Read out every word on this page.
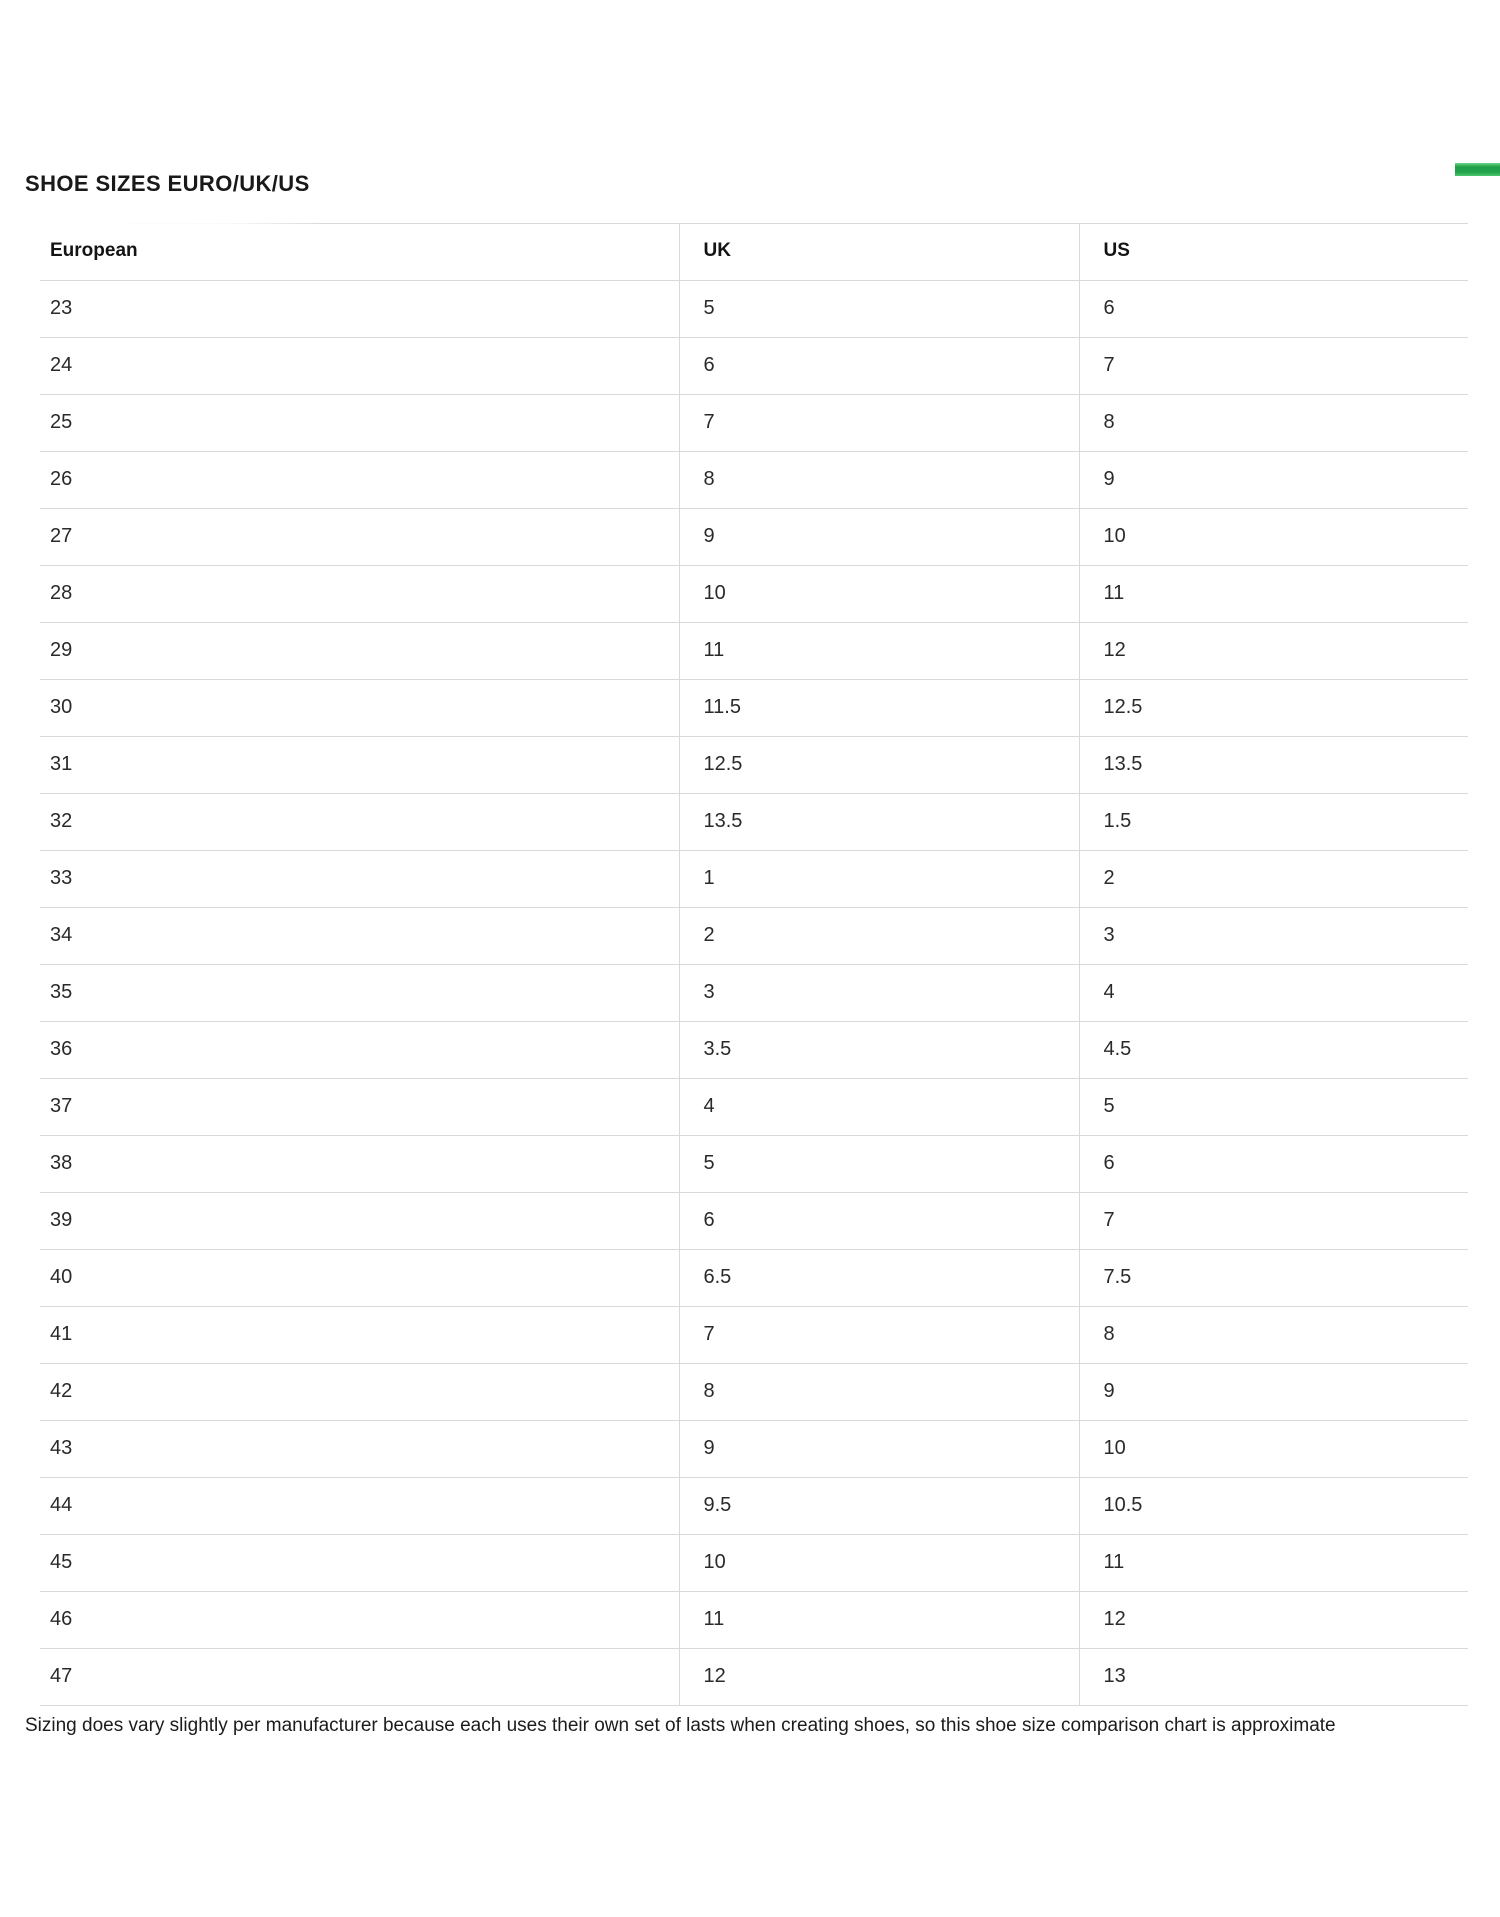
SHOE SIZES EURO/UK/US
European	UK	US
23	5	6
24	6	7
25	7	8
26	8	9
27	9	10
28	10	11
29	11	12
30	11.5	12.5
31	12.5	13.5
32	13.5	1.5
33	1	2
34	2	3
35	3	4
36	3.5	4.5
37	4	5
38	5	6
39	6	7
40	6.5	7.5
41	7	8
42	8	9
43	9	10
44	9.5	10.5
45	10	11
46	11	12
47	12	13

Sizing does vary slightly per manufacturer because each uses their own set of lasts when creating shoes, so this shoe size comparison chart is approximate
